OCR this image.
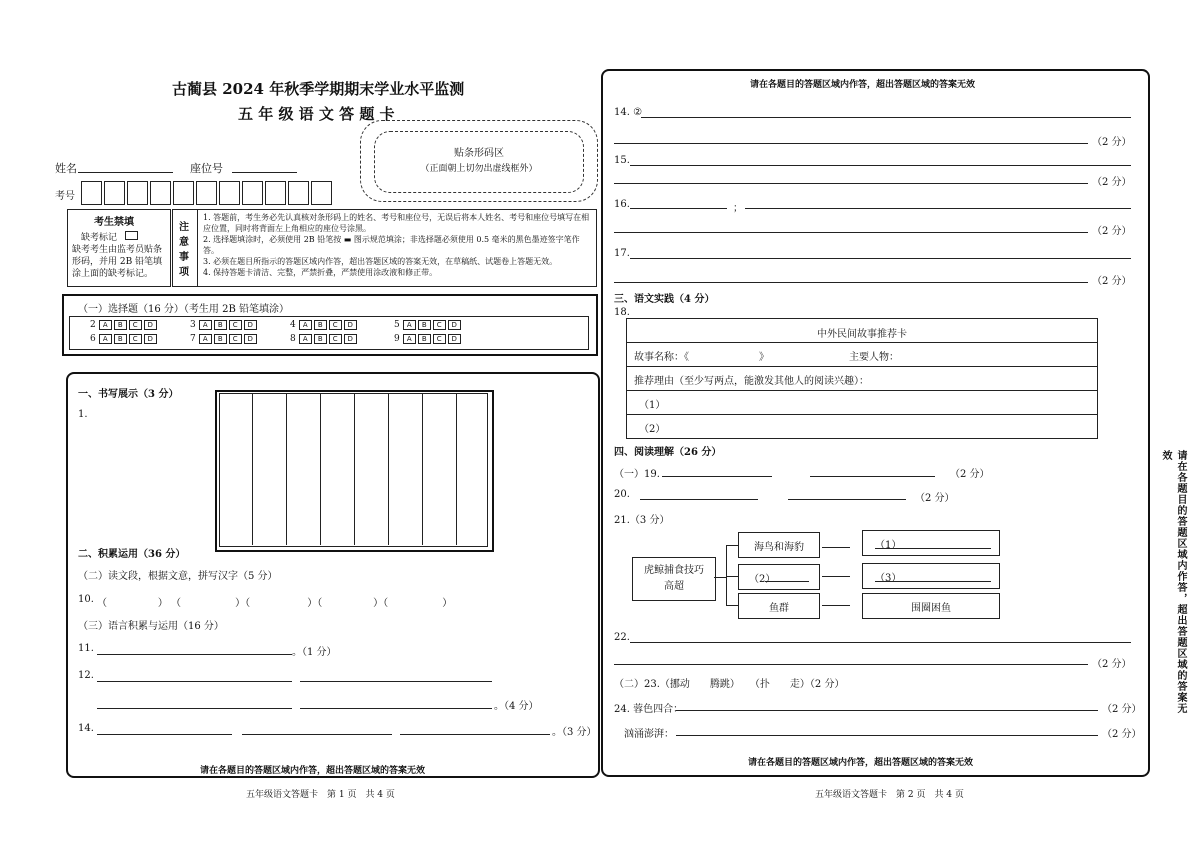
古蔺县 2024 年秋季学期期末学业水平监测
五 年 级 语 文 答 题 卡
贴条形码区
（正面朝上切勿出虚线框外）
姓名	座位号
考号
考生禁填
缺考标记
缺考考生由监考员贴条形码，并用 2B 铅笔填涂上面的缺考标记。
注意事项
1. 答题前，考生务必先认真核对条形码上的姓名、考号和座位号，无误后将本人姓名、考号和座位号填写在相应位置，同时将背面左上角相应的座位号涂黑。
2. 选择题填涂时，必须使用 2B 铅笔按 ▬ 图示规范填涂；非选择题必须使用 0.5 毫米的黑色墨迹签字笔作答。
3. 必须在题目所指示的答题区域内作答，超出答题区域的答案无效，在草稿纸、试题卷上答题无效。
4. 保持答题卡清洁、完整，严禁折叠，严禁使用涂改液和修正带。
（一）选择题（16 分）（考生用 2B 铅笔填涂）
2 A B C D	3 A B C D	4 A B C D	5 A B C D
6 A B C D	7 A B C D	8 A B C D	9 A B C D
一、书写展示（3 分）
1.
二、积累运用（36 分）
（二）读文段，根据文意，拼写汉字（5 分）
10. （                ） （                 ）（                  ）（                ）（                 ）
（三）语言积累与运用（16 分）
11.	。（1 分）
12.
。（4 分）
14.	。（3 分）
请在各题目的答题区域内作答，超出答题区域的答案无效
五年级语文答题卡　第 1 页　共 4 页
请在各题目的答题区域内作答，超出答题区域的答案无效
14. ②
（2 分）
15.
（2 分）
16.	；
（2 分）
17.
（2 分）
三、语文实践（4 分）
18.
中外民间故事推荐卡
故事名称：《　　　　　　　》	主要人物：
推荐理由（至少写两点，能激发其他人的阅读兴趣）：
（1）
（2）
四、阅读理解（26 分）
（一）19.	（2 分）
20.	（2 分）
21.（3 分）
虎鲸捕食技巧高超
海鸟和海豹
（2）
鱼群
（1）
（3）
围圈困鱼
22.
（2 分）
（二）23.（挪动　　腾跳）　　（扑　　走）（2 分）
24. 蓉色四合：	（2 分）
汹涌澎湃：	（2 分）
请在各题目的答题区域内作答，超出答题区域的答案无效
五年级语文答题卡　第 2 页　共 4 页
请在各题目的答题区域内作答，超出答题区域的答案无效
